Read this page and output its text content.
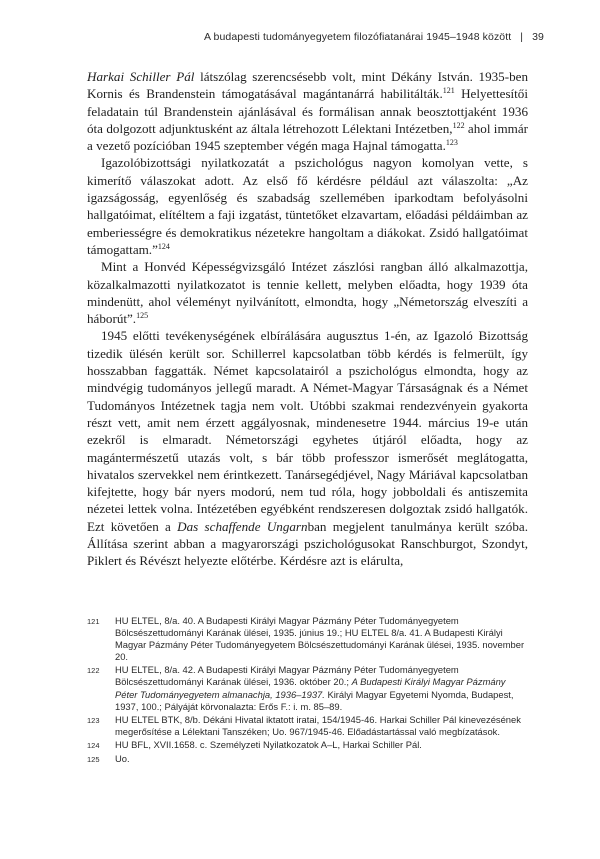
A budapesti tudományegyetem filozófiatanárai 1945–1948 között | 39

Harkai Schiller Pál látszólag szerencsésebb volt, mint Dékány István. 1935-ben Kornis és Brandenstein támogatásával magántanárrá habilitálták.$^{121}$ Helyettesítői feladatain túl Brandenstein ajánlásával és formálisan annak beosztottjaként 1936 óta dolgozott adjunktusként az általa létrehozott Lélektani Intézetben,$^{122}$ ahol immár a vezető pozícióban 1945 szeptember végén maga Hajnal támogatta.$^{123}$

Igazolóbizottsági nyilatkozatát a pszichológus nagyon komolyan vette, s kimerítő válaszokat adott. Az első fő kérdésre például azt válaszolta: „Az igazságosság, egyenlőség és szabadság szellemében iparkodtam befolyásolni hallgatóimat, elítéltem a faji izgatást, tüntetőket elzavartam, előadási példáimban az emberiességre és demokratikus nézetekre hangoltam a diákokat. Zsidó hallgatóimat támogattam.”$^{124}$

Mint a Honvéd Képességvizsgáló Intézet zászlósi rangban álló alkalmazottja, közalkalmazotti nyilatkozatot is tennie kellett, melyben előadta, hogy 1939 óta mindenütt, ahol véleményt nyilvánított, elmondta, hogy „Németország elveszíti a háborút”.$^{125}$

1945 előtti tevékenységének elbírálására augusztus 1-én, az Igazoló Bizottság tizedik ülésén került sor. Schillerrel kapcsolatban több kérdés is felmerült, így hosszabban faggatták. Német kapcsolatairól a pszichológus elmondta, hogy az mindvégig tudományos jellegű maradt. A Német-Magyar Társaságnak és a Német Tudományos Intézetnek tagja nem volt. Utóbbi szakmai rendezvényein gyakorta részt vett, amit nem érzett aggályosnak, mindenesetre 1944. március 19-e után ezekről is elmaradt. Németországi egyhetes útjáról előadta, hogy az magántermészetű utazás volt, s bár több professzor ismerősét meglátogatta, hivatalos szervekkel nem érintkezett. Tanársegédjével, Nagy Máriával kapcsolatban kifejtette, hogy bár nyers modorú, nem tud róla, hogy jobboldali és antiszemita nézetei lettek volna. Intézetében egyébként rendszeresen dolgoztak zsidó hallgatók. Ezt követően a Das schaffende Ungarnban megjelent tanulmánya került szóba. Állítása szerint abban a magyarországi pszichológusokat Ranschburgot, Szondyt, Piklert és Révészt helyezte előtérbe. Kérdésre azt is elárulta,

121	HU ELTEL, 8/a. 40. A Budapesti Királyi Magyar Pázmány Péter Tudományegyetem Bölcsészettudományi Karának ülései, 1935. június 19.; HU ELTEL 8/a. 41. A Budapesti Királyi Magyar Pázmány Péter Tudományegyetem Bölcsészettudományi Karának ülései, 1935. november 20.
122	HU ELTEL, 8/a. 42. A Budapesti Királyi Magyar Pázmány Péter Tudományegyetem Bölcsészettudományi Karának ülései, 1936. október 20.; A Budapesti Királyi Magyar Pázmány Péter Tudományegyetem almanachja, 1936–1937. Királyi Magyar Egyetemi Nyomda, Budapest, 1937, 100.; Pályáját körvonalazta: Erős F.: i. m. 85–89.
123	HU ELTEL BTK, 8/b. Dékáni Hivatal iktatott iratai, 154/1945-46. Harkai Schiller Pál kinevezésének megerősítése a Lélektani Tanszéken; Uo. 967/1945-46. Előadástartással való megbízatások.
124	HU BFL, XVII.1658. c. Személyzeti Nyilatkozatok A–L, Harkai Schiller Pál.
125	Uo.
